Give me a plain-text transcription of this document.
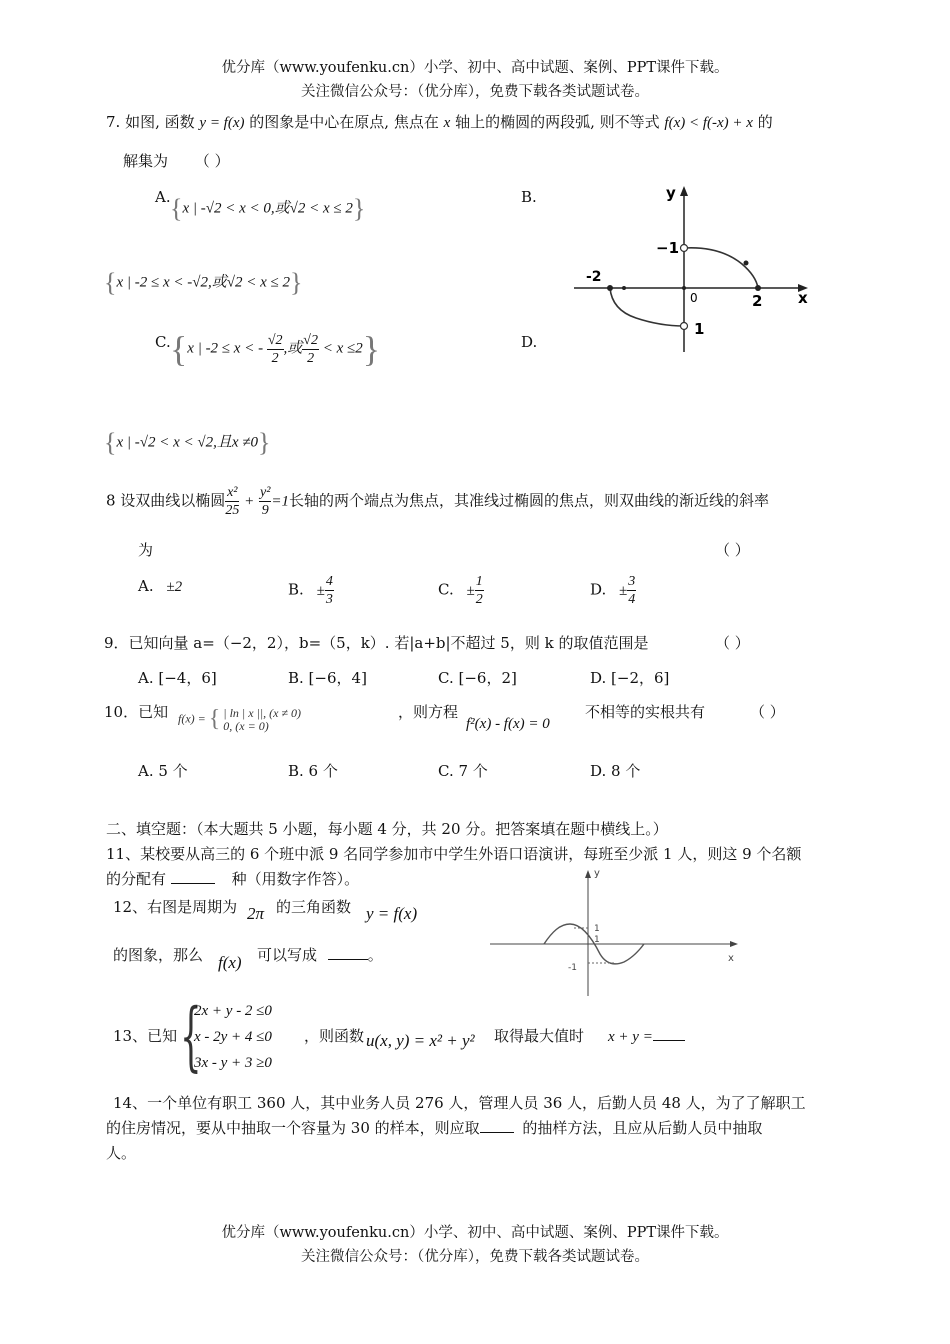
优分库（www.youfenku.cn）小学、初中、高中试题、案例、PPT课件下载。
关注微信公众号：（优分库），免费下载各类试题试卷。
7. 如图, 函数 y = f(x) 的图象是中心在原点, 焦点在 x 轴上的椭圆的两段弧, 则不等式 f(x) < f(-x) + x 的
解集为 （ ）
A. {x | -√2 < x < 0,或√2 < x ≤ 2}	B.
{x | -2 ≤ x < -√2,或√2 < x ≤ 2}
C. {x | -2 ≤ x < - $\frac{√2}{2}$ ,或 $\frac{√2}{2} < x \le 2$}	D.
{x | -√2 < x < √2,且x ≠0}
y
x
0
−1
1
2
-2
8 设双曲线以椭圆 $\frac{\text{x²}}{25} + \frac{\text{y²}}{9} =1$长轴的两个端点为焦点，其准线过椭圆的焦点，则双曲线的渐近线的斜率
为	（ ）
A. ±2	B. ± $\frac{4}{3}$	C. ± $\frac{1}{2}$	D. ± $\frac{3}{4}$
9．已知向量 a=（−2，2），b=（5，k）. 若|a+b|不超过 5，则 k 的取值范围是	（ ）
A. [−4，6]	B. [−6，4]	C. [−6，2]	D. [−2，6]
10．已知 f(x) = { | ln | x ||, (x ≠ 0)
0, (x = 0)
，则方程
f²(x) - f(x) = 0
不相等的实根共有	（ ）
A. 5 个	B. 6 个	C. 7 个	D. 8 个
二、填空题：（本大题共 5 小题，每小题 4 分，共 20 分。把答案填在题中横线上。）
11、某校要从高三的 6 个班中派 9 名同学参加市中学生外语口语演讲，每班至少派 1 人，则这 9 个名额
的分配有	种（用数字作答）。
12、右图是周期为 2π 的三角函数 y = f(x)
的图象，那么 f(x) 可以写成	。
y
x
1
1
-1
13、已知 {
2x + y - 2 ≤0
x - 2y + 4 ≤0
3x - y + 3 ≥0
，则函数 u(x, y) = x² + y² 取得最大值时 x + y =
14、一个单位有职工 360 人，其中业务人员 276 人，管理人员 36 人，后勤人员 48 人，为了了解职工
的住房情况，要从中抽取一个容量为 30 的样本，则应取	的抽样方法，且应从后勤人员中抽取
人。
优分库（www.youfenku.cn）小学、初中、高中试题、案例、PPT课件下载。
关注微信公众号：（优分库），免费下载各类试题试卷。
